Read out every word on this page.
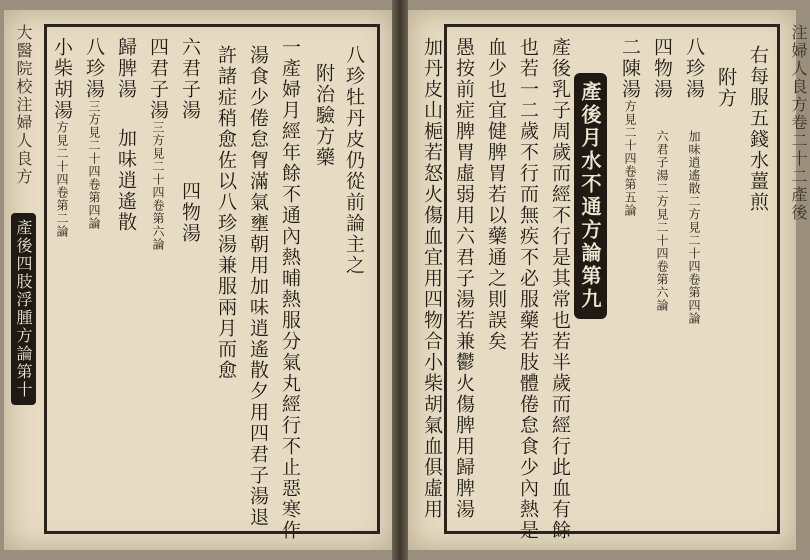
大醫院校注婦人良方 產後四肢浮腫方論第十
八珍牡丹皮仍從前論主之
附治驗方藥
一產婦月經年餘不通內熱晡熱服分氣丸經行不止惡寒作
湯食少倦怠胷滿氣壅朝用加味逍遙散夕用四君子湯退
許諸症稍愈佐以八珍湯兼服兩月而愈
六君子湯四物湯
四君子湯三方見二十四卷第六論
歸脾湯加味逍遙散
八珍湯三方見二十四卷第四論
小柴胡湯方見二十四卷第二論	注婦人良方卷二十二產後
右每服五錢水薑煎
附方
八珍湯加味逍遙散二方見二十四卷第四論
四物湯六君子湯二方見二十四卷第六論
二陳湯方見二十四卷第五論
產後月水不通方論第九
產後乳子周歲而經不行是其常也若半歲而經行此血有餘
也若一二歲不行而無疾不必服藥若肢體倦怠食少內熱是
血少也宜健脾胃若以藥通之則誤矣
愚按前症脾胃虛弱用六君子湯若兼鬱火傷脾用歸脾湯
加丹皮山梔若怒火傷血宜用四物合小柴胡氣血俱虛用
